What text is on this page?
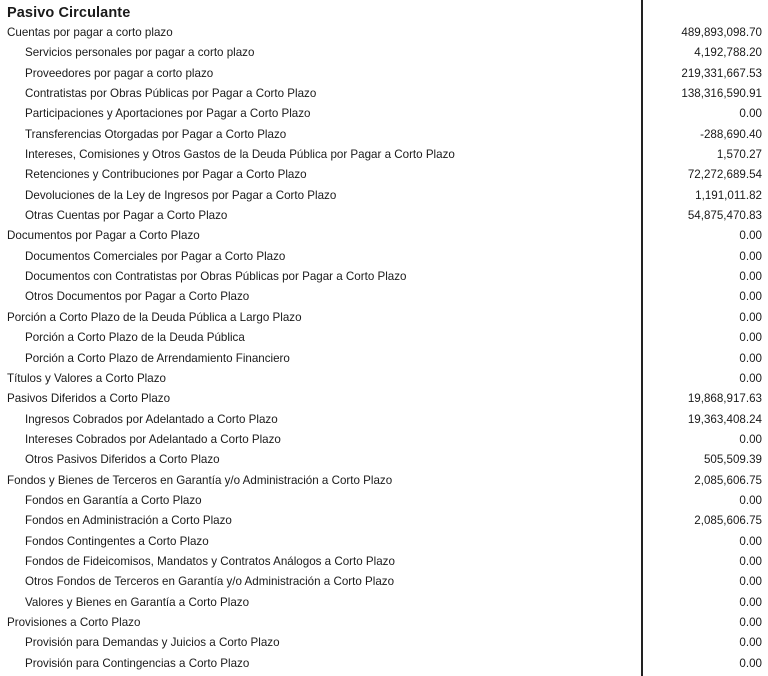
Pasivo Circulante
Cuentas por pagar a corto plazo	489,893,098.70
Servicios personales por pagar a corto plazo	4,192,788.20
Proveedores por pagar a corto plazo	219,331,667.53
Contratistas por Obras Públicas por Pagar a Corto Plazo	138,316,590.91
Participaciones y Aportaciones por Pagar a Corto Plazo	0.00
Transferencias Otorgadas por Pagar a Corto Plazo	-288,690.40
Intereses, Comisiones y Otros Gastos de la Deuda Pública por Pagar a Corto Plazo	1,570.27
Retenciones y Contribuciones por Pagar a Corto Plazo	72,272,689.54
Devoluciones de la Ley de Ingresos por Pagar a Corto Plazo	1,191,011.82
Otras Cuentas por Pagar a Corto Plazo	54,875,470.83
Documentos por Pagar a Corto Plazo	0.00
Documentos Comerciales por Pagar a Corto Plazo	0.00
Documentos con Contratistas por Obras Públicas por Pagar a Corto Plazo	0.00
Otros Documentos por Pagar a Corto Plazo	0.00
Porción a Corto Plazo de la Deuda Pública a Largo Plazo	0.00
Porción a Corto Plazo de la Deuda Pública	0.00
Porción a Corto Plazo de Arrendamiento Financiero	0.00
Títulos y Valores a Corto Plazo	0.00
Pasivos Diferidos a Corto Plazo	19,868,917.63
Ingresos Cobrados por Adelantado a Corto Plazo	19,363,408.24
Intereses Cobrados por Adelantado a Corto Plazo	0.00
Otros Pasivos Diferidos a Corto Plazo	505,509.39
Fondos y Bienes de Terceros en Garantía y/o Administración a Corto Plazo	2,085,606.75
Fondos en Garantía a Corto Plazo	0.00
Fondos en Administración a Corto Plazo	2,085,606.75
Fondos Contingentes a Corto Plazo	0.00
Fondos de Fideicomisos, Mandatos y Contratos Análogos a Corto Plazo	0.00
Otros Fondos de Terceros en Garantía y/o Administración a Corto Plazo	0.00
Valores y Bienes en Garantía a Corto Plazo	0.00
Provisiones a Corto Plazo	0.00
Provisión para Demandas y Juicios a Corto Plazo	0.00
Provisión para Contingencias a Corto Plazo	0.00
